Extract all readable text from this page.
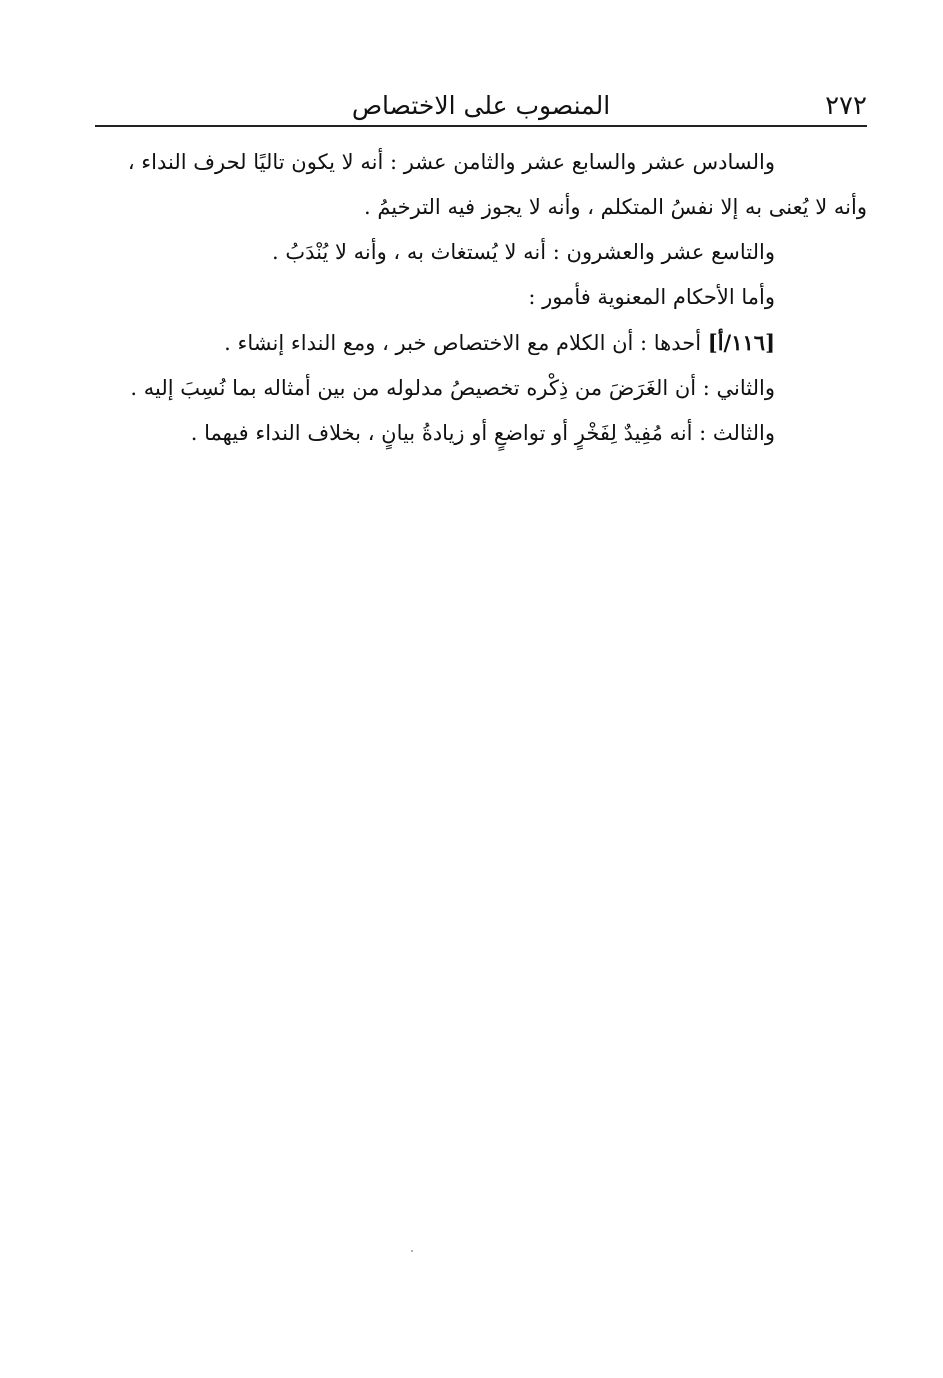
٢٧٢
المنصوب على الاختصاص

والسادس عشر والسابع عشر والثامن عشر : أنه لا يكون تاليًا لحرف النداء ،

وأنه لا يُعنى به إلا نفسُ المتكلم ، وأنه لا يجوز فيه الترخيمُ .

والتاسع عشر والعشرون : أنه لا يُستغاث به ، وأنه لا يُنْدَبُ .

وأما الأحكام المعنوية فأمور :

[١١٦/أ] أحدها : أن الكلام مع الاختصاص خبر ، ومع النداء إنشاء .

والثاني : أن الغَرَضَ من ذِكْره تخصيصُ مدلوله من بين أمثاله بما نُسِبَ إليه .

والثالث : أنه مُفِيدٌ لِفَخْرٍ أو تواضعٍ أو زيادةُ بيانٍ ، بخلاف النداء فيهما .
